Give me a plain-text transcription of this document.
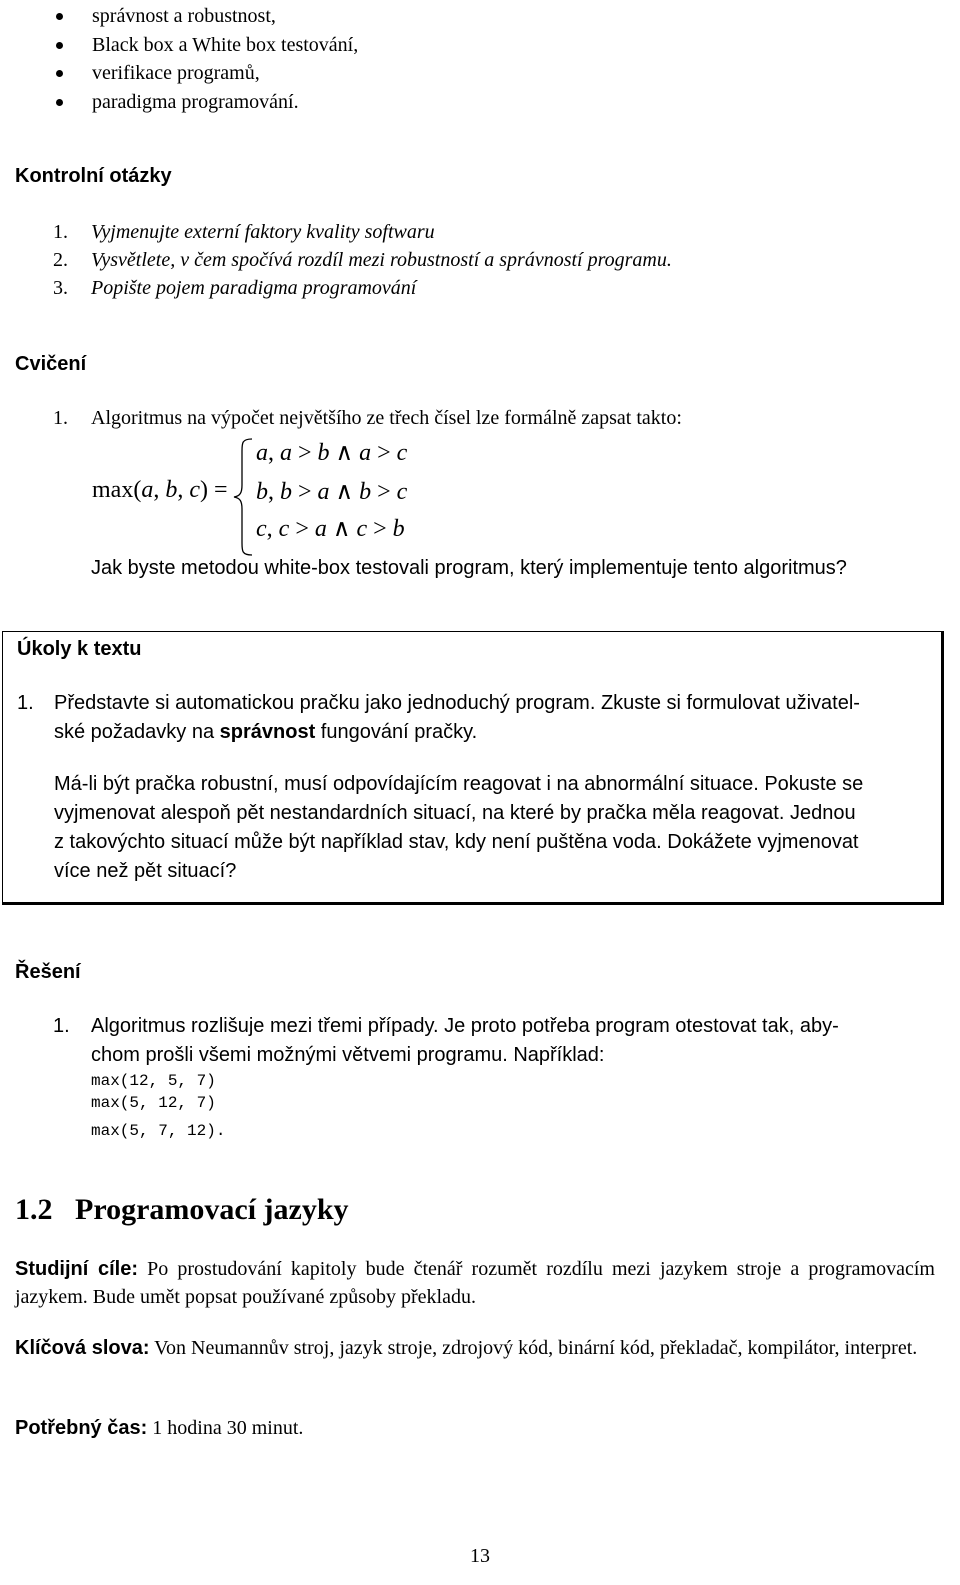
správnost a robustnost,
Black box a White box testování,
verifikace programů,
paradigma programování.
Kontrolní otázky
1. Vyjmenujte externí faktory kvality softwaru
2. Vysvětlete, v čem spočívá rozdíl mezi robustností a správností programu.
3. Popište pojem paradigma programování
Cvičení
1. Algoritmus na výpočet největšího ze třech čísel lze formálně zapsat takto:
max(a, b, c) =
a, a > b ∧ a > c
b, b > a ∧ b > c
c, c > a ∧ c > b
Jak byste metodou white-box testovali program, který implementuje tento algoritmus?
Úkoly k textu
1. Představte si automatickou pračku jako jednoduchý program. Zkuste si formulovat uživatel-
ské požadavky na správnost fungování pračky.
Má-li být pračka robustní, musí odpovídajícím reagovat i na abnormální situace. Pokuste se
vyjmenovat alespoň pět nestandardních situací, na které by pračka měla reagovat. Jednou
z takovýchto situací může být například stav, kdy není puštěna voda. Dokážete vyjmenovat
více než pět situací?
Řešení
1. Algoritmus rozlišuje mezi třemi případy. Je proto potřeba program otestovat tak, aby-
chom prošli všemi možnými větvemi programu. Například:
max(12, 5, 7)
max(5, 12, 7)
max(5, 7, 12).
1.2 Programovací jazyky
Studijní cíle: Po prostudování kapitoly bude čtenář rozumět rozdílu mezi jazykem stroje a programovacím jazykem. Bude umět popsat používané způsoby překladu.
Klíčová slova: Von Neumannův stroj, jazyk stroje, zdrojový kód, binární kód, překladač, kompilátor, interpret.
Potřebný čas: 1 hodina 30 minut.
13
